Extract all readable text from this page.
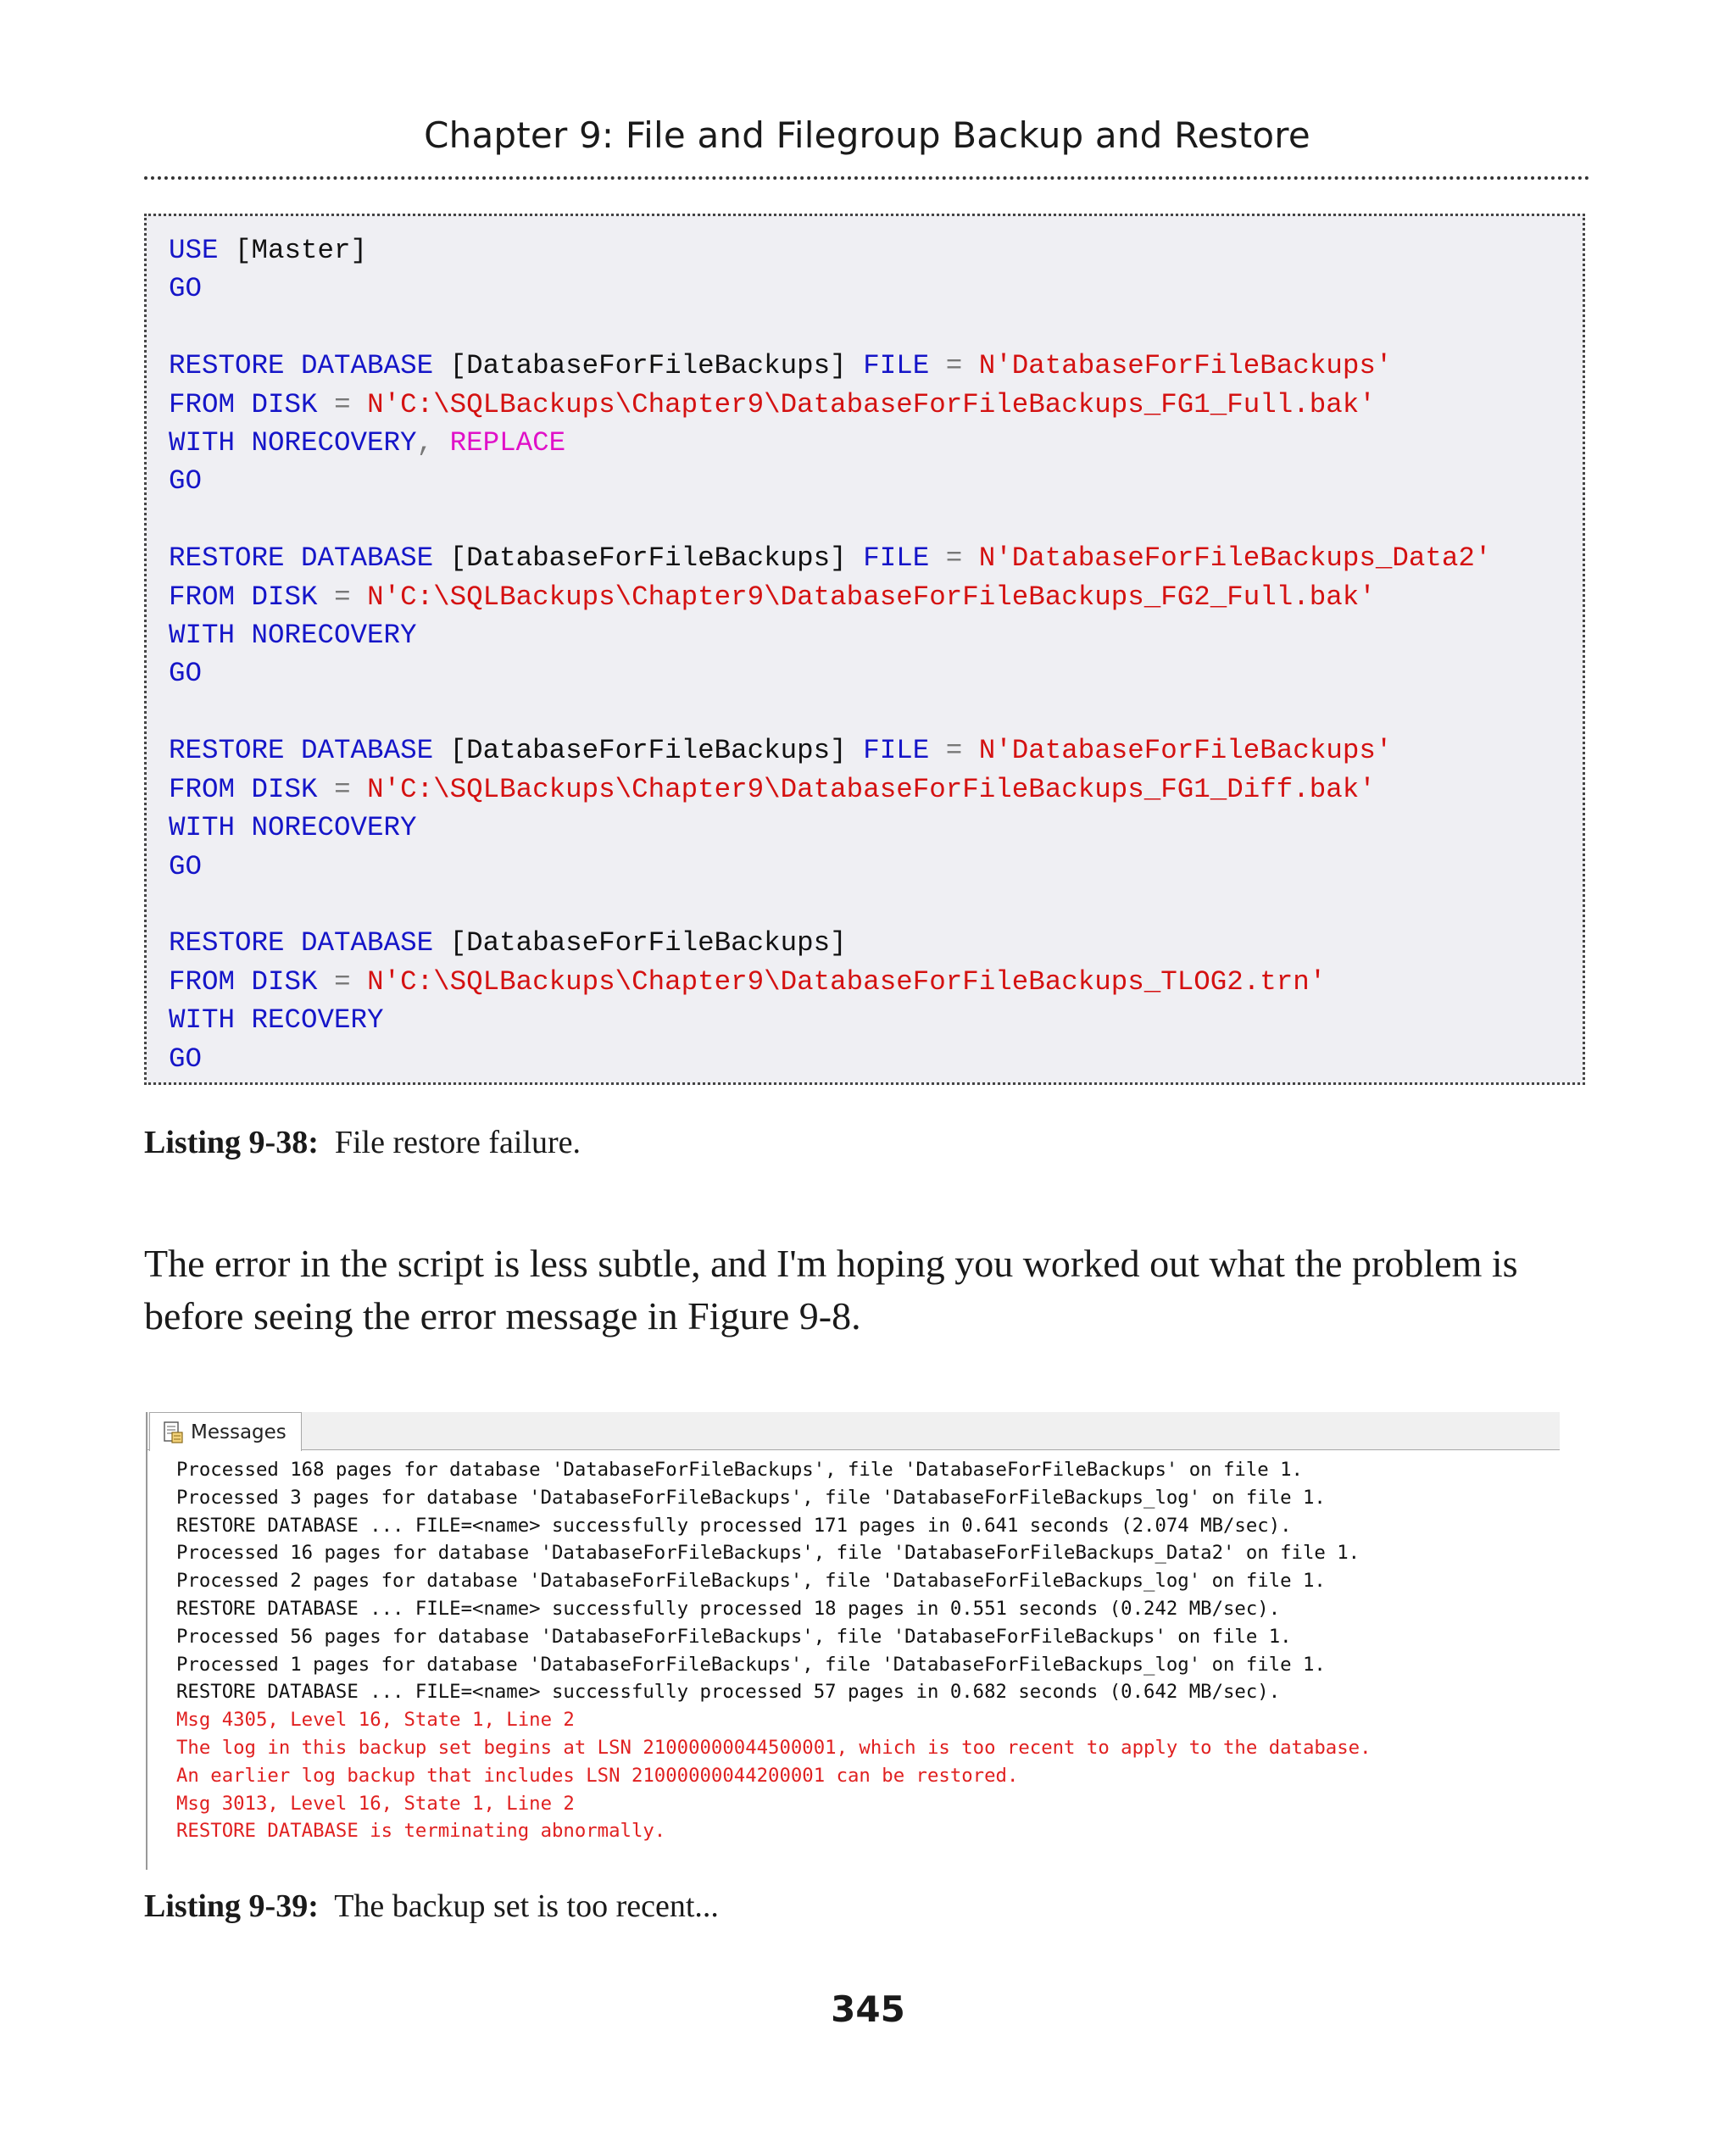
Chapter 9: File and Filegroup Backup and Restore
USE [Master]
GO

RESTORE DATABASE [DatabaseForFileBackups] FILE = N'DatabaseForFileBackups'
FROM DISK = N'C:\SQLBackups\Chapter9\DatabaseForFileBackups_FG1_Full.bak'
WITH NORECOVERY, REPLACE
GO

RESTORE DATABASE [DatabaseForFileBackups] FILE = N'DatabaseForFileBackups_Data2'
FROM DISK = N'C:\SQLBackups\Chapter9\DatabaseForFileBackups_FG2_Full.bak'
WITH NORECOVERY
GO

RESTORE DATABASE [DatabaseForFileBackups] FILE = N'DatabaseForFileBackups'
FROM DISK = N'C:\SQLBackups\Chapter9\DatabaseForFileBackups_FG1_Diff.bak'
WITH NORECOVERY
GO

RESTORE DATABASE [DatabaseForFileBackups]
FROM DISK = N'C:\SQLBackups\Chapter9\DatabaseForFileBackups_TLOG2.trn'
WITH RECOVERY
GO
Listing 9-38: File restore failure.
The error in the script is less subtle, and I'm hoping you worked out what the problem is before seeing the error message in Figure 9-8.
Messages
Processed 168 pages for database 'DatabaseForFileBackups', file 'DatabaseForFileBackups' on file 1.
Processed 3 pages for database 'DatabaseForFileBackups', file 'DatabaseForFileBackups_log' on file 1.
RESTORE DATABASE ... FILE=<name> successfully processed 171 pages in 0.641 seconds (2.074 MB/sec).
Processed 16 pages for database 'DatabaseForFileBackups', file 'DatabaseForFileBackups_Data2' on file 1.
Processed 2 pages for database 'DatabaseForFileBackups', file 'DatabaseForFileBackups_log' on file 1.
RESTORE DATABASE ... FILE=<name> successfully processed 18 pages in 0.551 seconds (0.242 MB/sec).
Processed 56 pages for database 'DatabaseForFileBackups', file 'DatabaseForFileBackups' on file 1.
Processed 1 pages for database 'DatabaseForFileBackups', file 'DatabaseForFileBackups_log' on file 1.
RESTORE DATABASE ... FILE=<name> successfully processed 57 pages in 0.682 seconds (0.642 MB/sec).
Msg 4305, Level 16, State 1, Line 2
The log in this backup set begins at LSN 21000000044500001, which is too recent to apply to the database.
An earlier log backup that includes LSN 21000000044200001 can be restored.
Msg 3013, Level 16, State 1, Line 2
RESTORE DATABASE is terminating abnormally.
Listing 9-39: The backup set is too recent...
345
